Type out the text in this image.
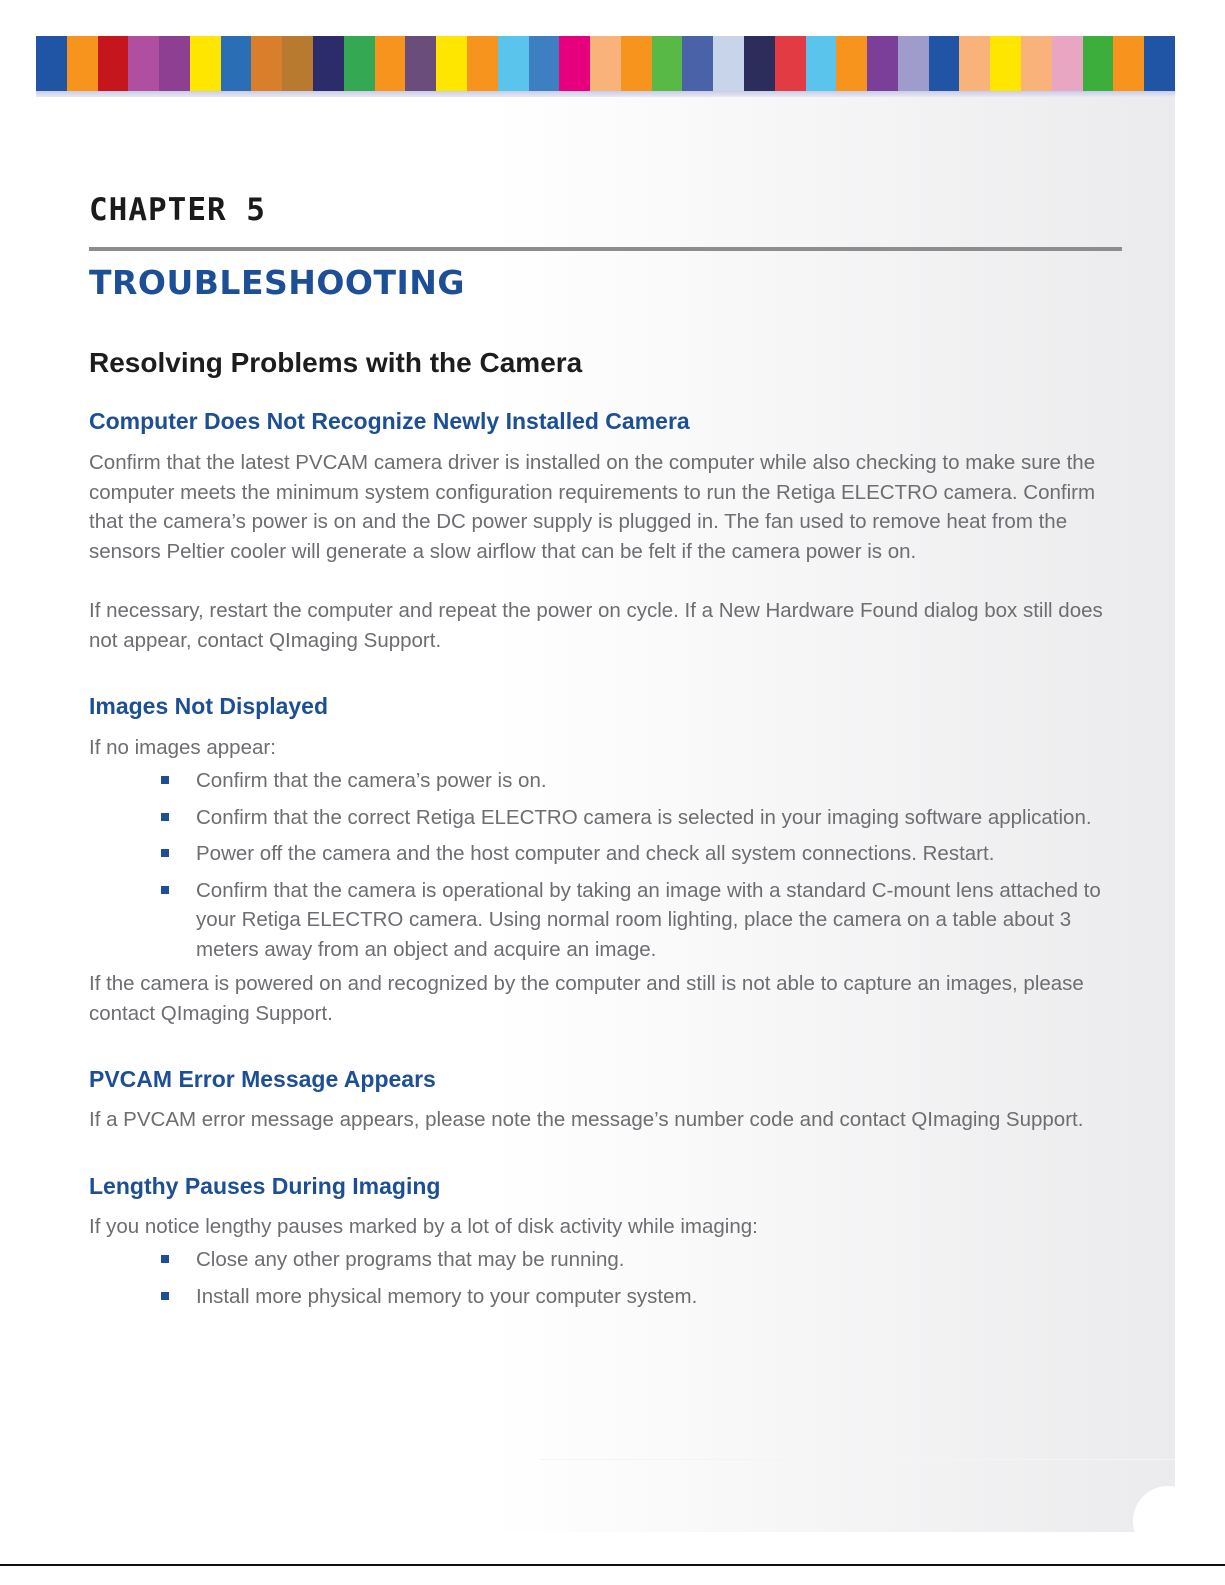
CHAPTER 5
TROUBLESHOOTING
Resolving Problems with the Camera
Computer Does Not Recognize Newly Installed Camera
Confirm that the latest PVCAM camera driver is installed on the computer while also checking to make sure the computer meets the minimum system configuration requirements to run the Retiga ELECTRO camera. Confirm that the camera’s power is on and the DC power supply is plugged in. The fan used to remove heat from the sensors Peltier cooler will generate a slow airflow that can be felt if the camera power is on.
If necessary, restart the computer and repeat the power on cycle. If a New Hardware Found dialog box still does not appear, contact QImaging Support.
Images Not Displayed
If no images appear:
Confirm that the camera’s power is on.
Confirm that the correct Retiga ELECTRO camera is selected in your imaging software application.
Power off the camera and the host computer and check all system connections. Restart.
Confirm that the camera is operational by taking an image with a standard C-mount lens attached to your Retiga ELECTRO camera. Using normal room lighting, place the camera on a table about 3 meters away from an object and acquire an image.
If the camera is powered on and recognized by the computer and still is not able to capture an images, please contact QImaging Support.
PVCAM Error Message Appears
If a PVCAM error message appears, please note the message’s number code and contact QImaging Support.
Lengthy Pauses During Imaging
If you notice lengthy pauses marked by a lot of disk activity while imaging:
Close any other programs that may be running.
Install more physical memory to your computer system.
